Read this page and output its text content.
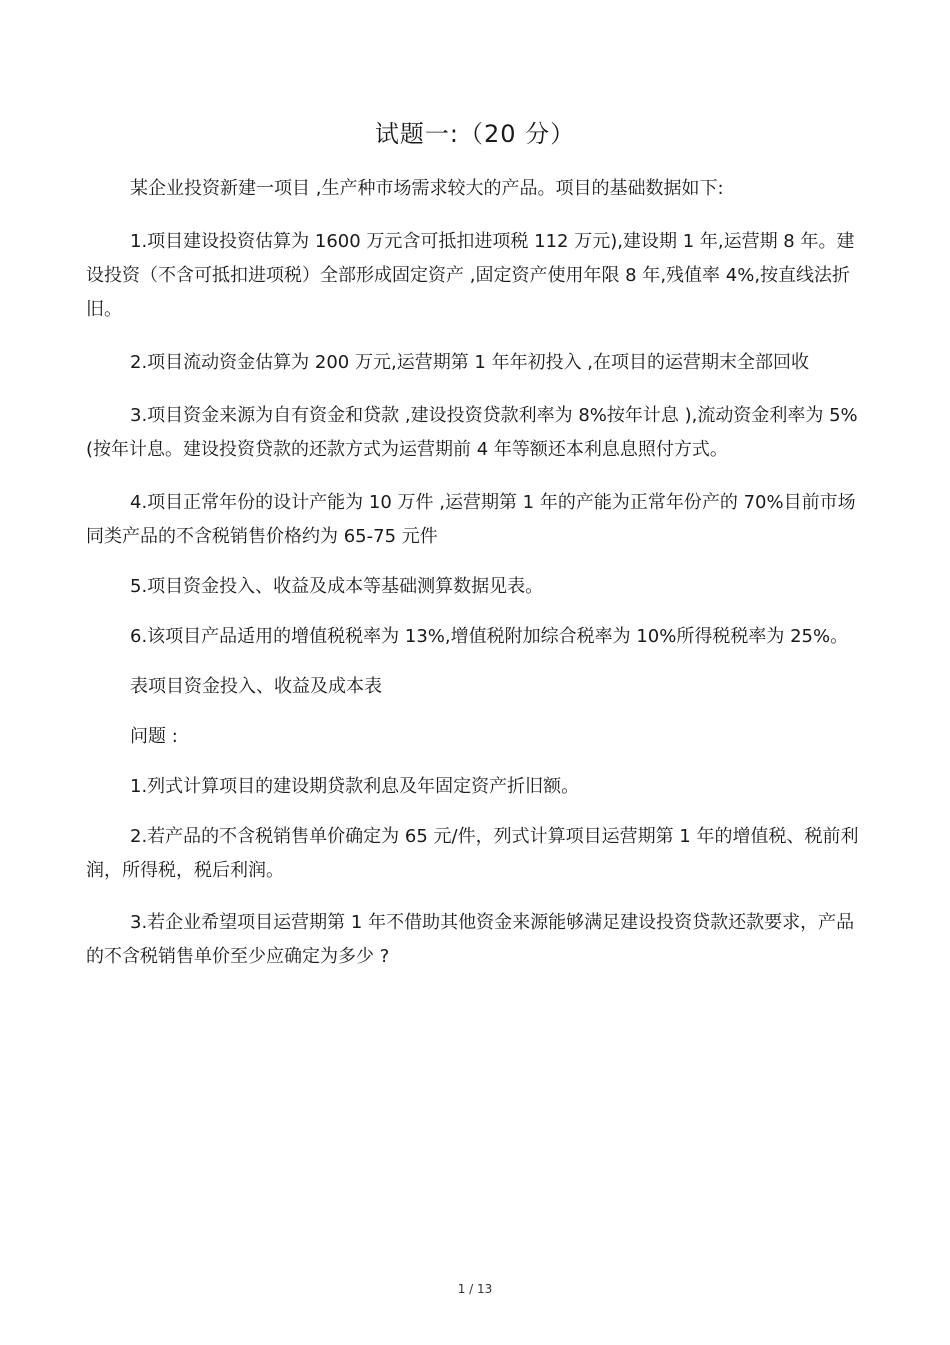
试题一:（20 分）

某企业投资新建一项目 ,生产种市场需求较大的产品。项目的基础数据如下:

1.项目建设投资估算为 1600 万元含可抵扣进项税 112 万元),建设期 1 年,运营期 8 年。建设投资（不含可抵扣进项税）全部形成固定资产 ,固定资产使用年限 8 年,残值率 4%,按直线法折旧。

2.项目流动资金估算为 200 万元,运营期第 1 年年初投入 ,在项目的运营期末全部回收

3.项目资金来源为自有资金和贷款 ,建设投资贷款利率为 8%按年计息 ),流动资金利率为 5%(按年计息。建设投资贷款的还款方式为运营期前 4 年等额还本利息息照付方式。

4.项目正常年份的设计产能为 10 万件 ,运营期第 1 年的产能为正常年份产的 70%目前市场同类产品的不含税销售价格约为 65-75 元件

5.项目资金投入、收益及成本等基础测算数据见表。

6.该项目产品适用的增值税税率为 13%,增值税附加综合税率为 10%所得税税率为 25%。

表项目资金投入、收益及成本表

问题 :

1.列式计算项目的建设期贷款利息及年固定资产折旧额。

2.若产品的不含税销售单价确定为 65 元/件，列式计算项目运营期第 1 年的增值税、税前利润，所得税，税后利润。

3.若企业希望项目运营期第 1 年不借助其他资金来源能够满足建设投资贷款还款要求，产品的不含税销售单价至少应确定为多少 ?

1 / 13
